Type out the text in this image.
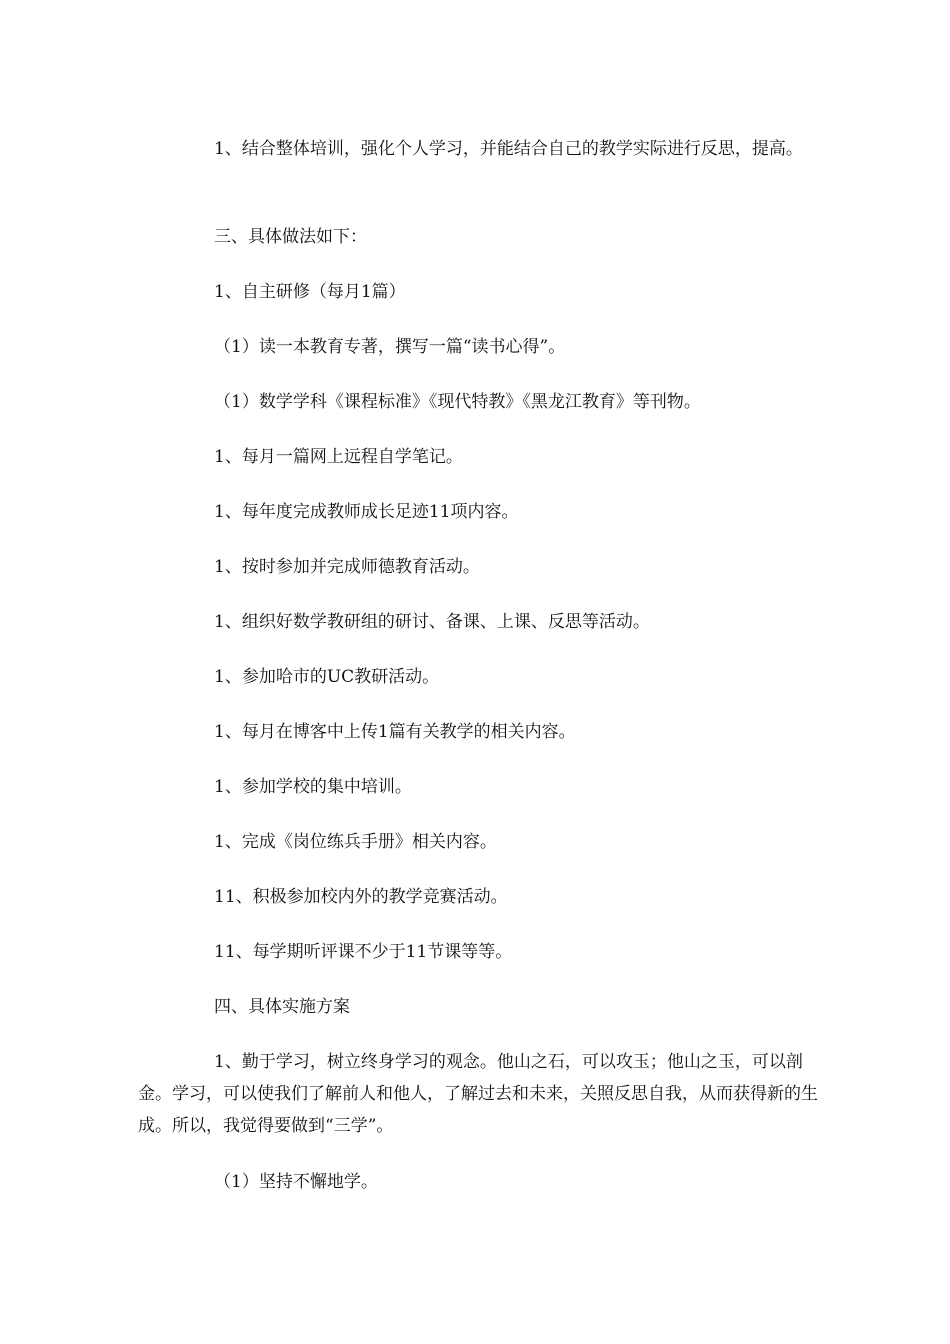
1、结合整体培训，强化个人学习，并能结合自己的教学实际进行反思，提高。

三、具体做法如下：

1、自主研修（每月1篇）

（1）读一本教育专著，撰写一篇“读书心得”。

（1）数学学科《课程标准》《现代特教》《黑龙江教育》等刊物。

1、每月一篇网上远程自学笔记。

1、每年度完成教师成长足迹11项内容。

1、按时参加并完成师德教育活动。

1、组织好数学教研组的研讨、备课、上课、反思等活动。

1、参加哈市的UC教研活动。

1、每月在博客中上传1篇有关教学的相关内容。

1、参加学校的集中培训。

1、完成《岗位练兵手册》相关内容。

11、积极参加校内外的教学竞赛活动。

11、每学期听评课不少于11节课等等。

四、具体实施方案

1、勤于学习，树立终身学习的观念。他山之石，可以攻玉；他山之玉，可以剖金。学习，可以使我们了解前人和他人，了解过去和未来，关照反思自我，从而获得新的生成。所以，我觉得要做到“三学”。

（1）坚持不懈地学。
